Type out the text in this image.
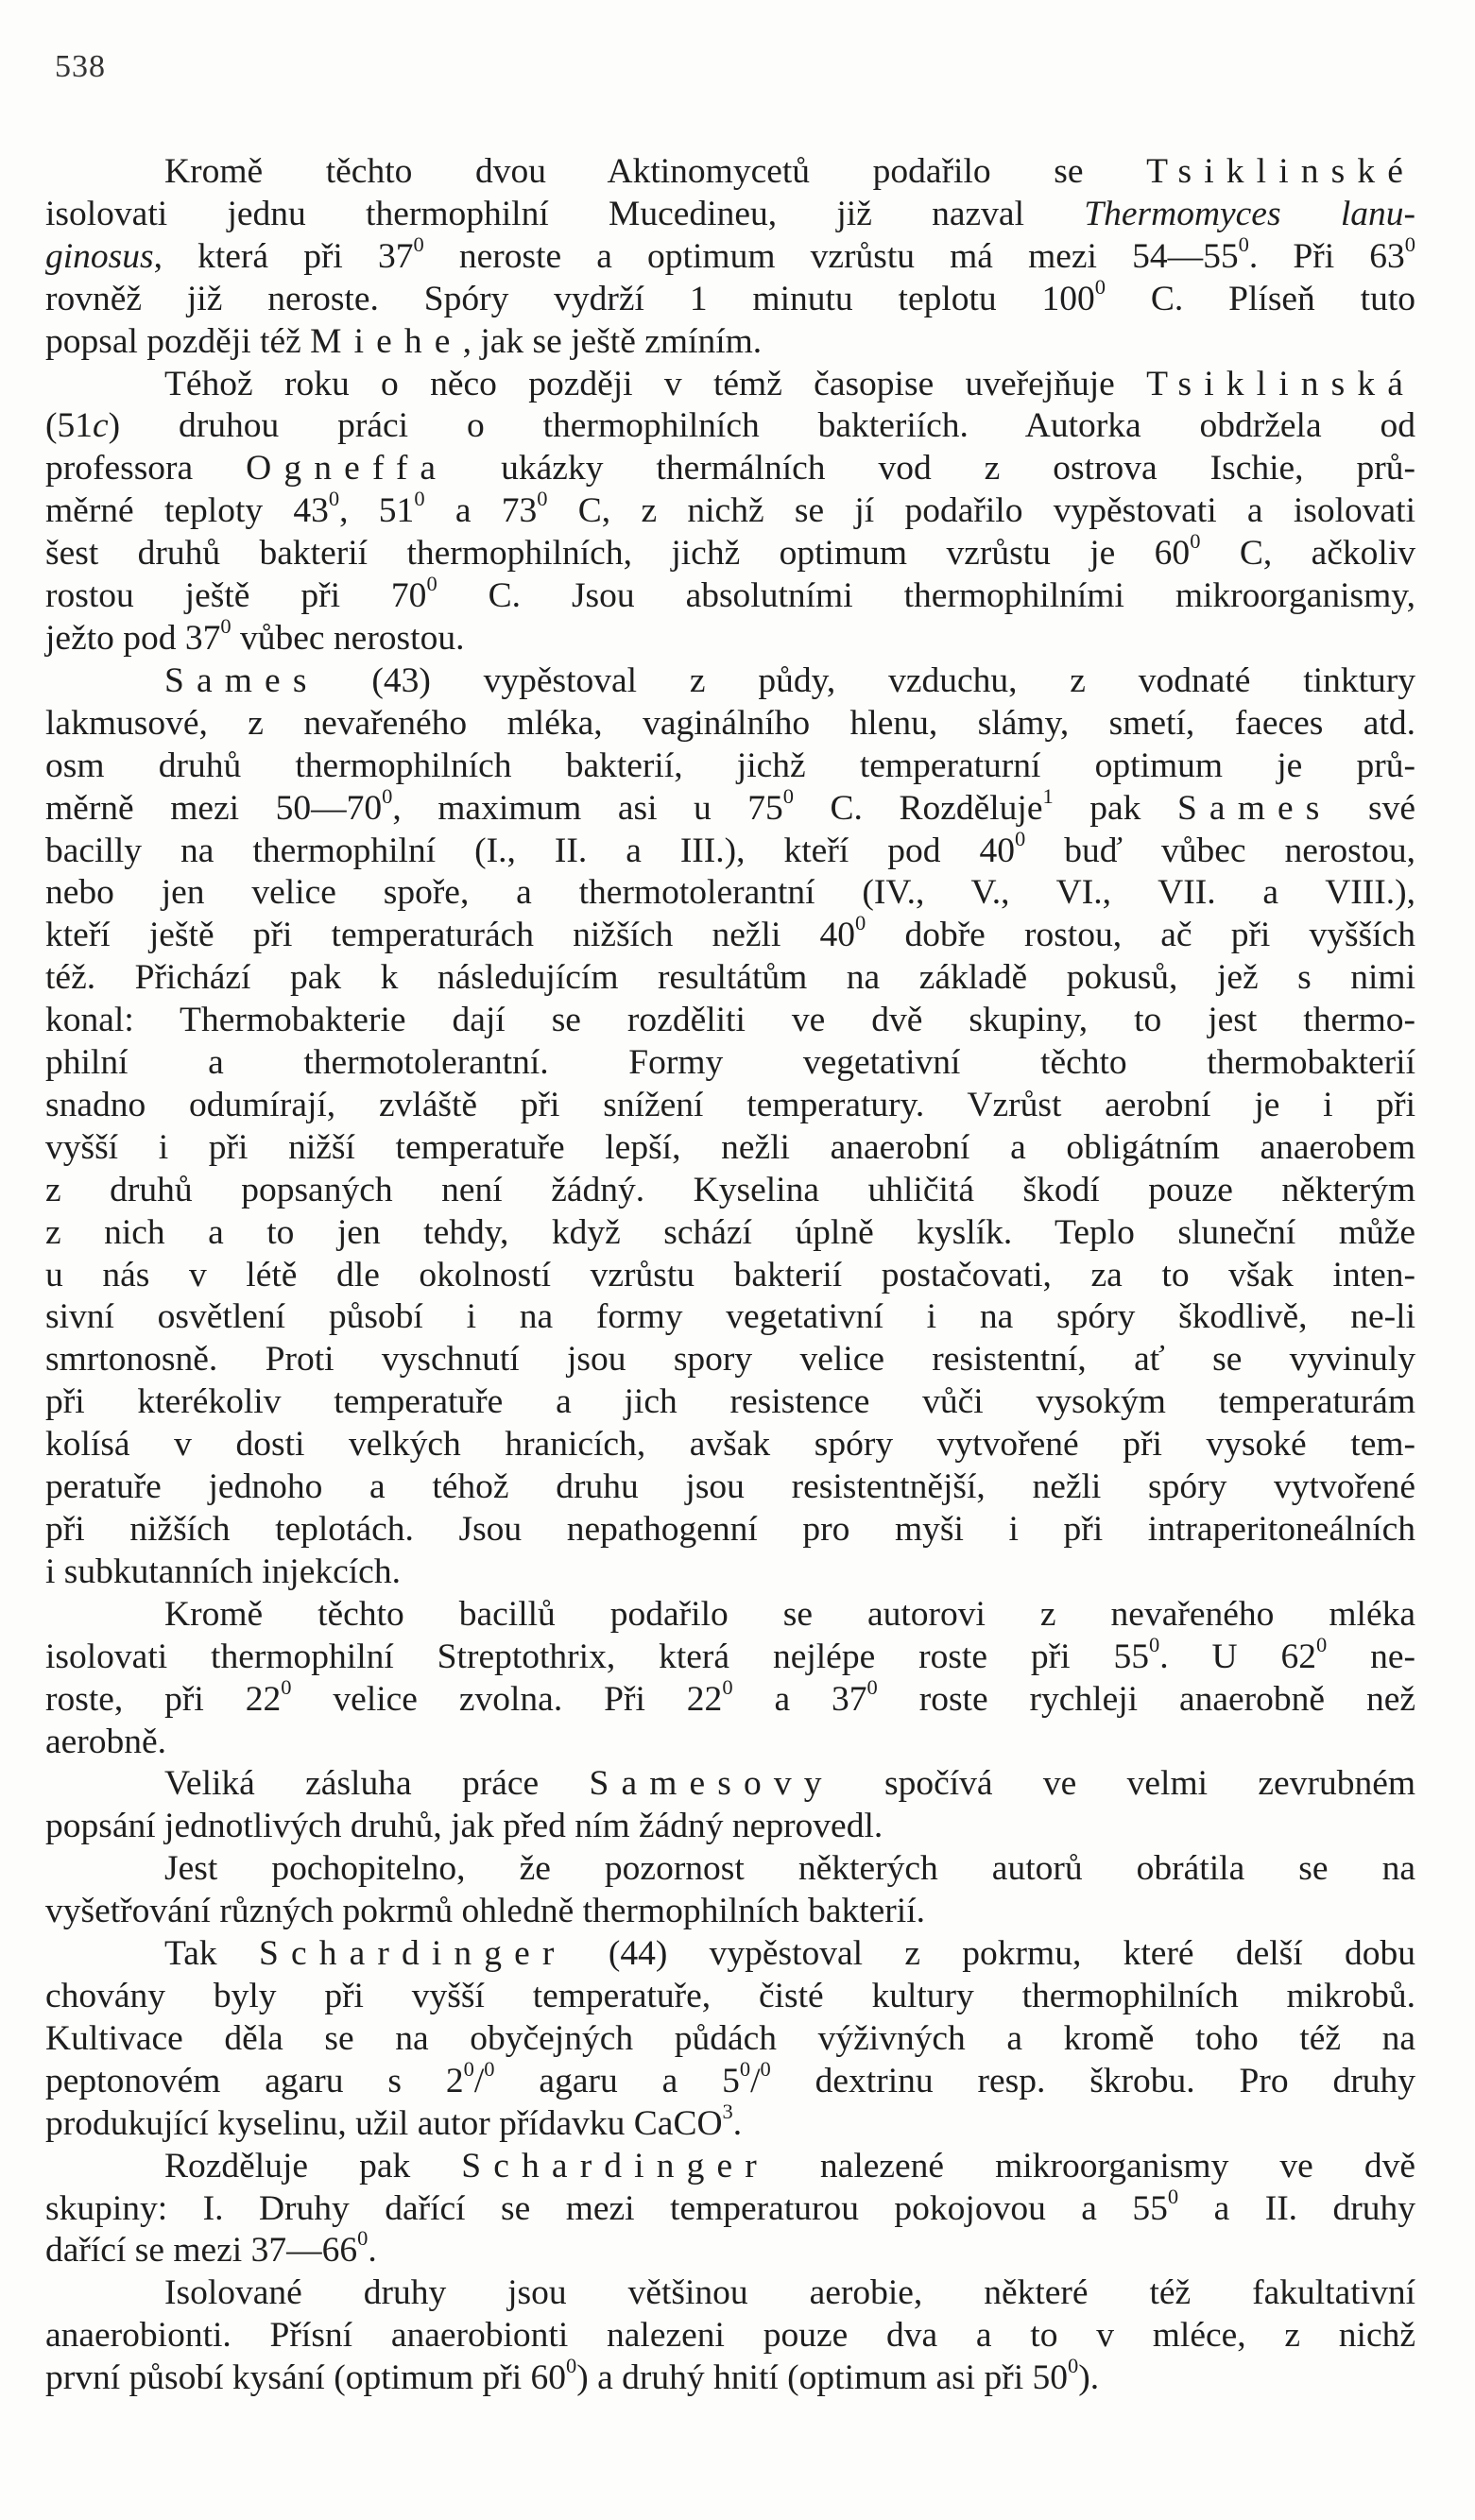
538
Kromě těchto dvou Aktinomycetů podařilo se Tsiklinské
isolovati jednu thermophilní Mucedineu, již nazval Thermomyces lanu-
ginosus, která při $37^0$ neroste a optimum vzrůstu má mezi $54—55^0$. Při $63^0$
rovněž již neroste. Spóry vydrží 1 minutu teplotu $100^0$ C. Plíseň tuto
popsal později též Miehe, jak se ještě zmíním.
Téhož roku o něco později v témž časopise uveřejňuje Tsiklinská
(51c) druhou práci o thermophilních bakteriích. Autorka obdržela od
professora Ogneffa ukázky thermálních vod z ostrova Ischie, prů-
měrné teploty $43^0$, $51^0$ a $73^0$ C, z nichž se jí podařilo vypěstovati a isolovati
šest druhů bakterií thermophilních, jichž optimum vzrůstu je $60^0$ C, ačkoliv
rostou ještě při $70^0$ C. Jsou absolutními thermophilními mikroorganismy,
ježto pod $37^0$ vůbec nerostou.
Sames (43) vypěstoval z půdy, vzduchu, z vodnaté tinktury
lakmusové, z nevařeného mléka, vaginálního hlenu, slámy, smetí, faeces atd.
osm druhů thermophilních bakterií, jichž temperaturní optimum je prů-
měrně mezi $50—70^0$, maximum asi u $75^0$ C. Rozděluje$^1$ pak Sames své
bacilly na thermophilní (I., II. a III.), kteří pod $40^0$ buď vůbec nerostou,
nebo jen velice spoře, a thermotolerantní (IV., V., VI., VII. a VIII.),
kteří ještě při temperaturách nižších nežli $40^0$ dobře rostou, ač při vyšších
též. Přichází pak k následujícím resultátům na základě pokusů, jež s nimi
konal: Thermobakterie dají se rozděliti ve dvě skupiny, to jest thermo-
philní a thermotolerantní. Formy vegetativní těchto thermobakterií
snadno odumírají, zvláště při snížení temperatury. Vzrůst aerobní je i při
vyšší i při nižší temperatuře lepší, nežli anaerobní a obligátním anaerobem
z druhů popsaných není žádný. Kyselina uhličitá škodí pouze některým
z nich a to jen tehdy, když schází úplně kyslík. Teplo sluneční může
u nás v létě dle okolností vzrůstu bakterií postačovati, za to však inten-
sivní osvětlení působí i na formy vegetativní i na spóry škodlivě, ne-li
smrtonosně. Proti vyschnutí jsou spory velice resistentní, ať se vyvinuly
při kterékoliv temperatuře a jich resistence vůči vysokým temperaturám
kolísá v dosti velkých hranicích, avšak spóry vytvořené při vysoké tem-
peratuře jednoho a téhož druhu jsou resistentnější, nežli spóry vytvořené
při nižších teplotách. Jsou nepathogenní pro myši i při intraperitoneálních
i subkutanních injekcích.
Kromě těchto bacillů podařilo se autorovi z nevařeného mléka
isolovati thermophilní Streptothrix, která nejlépe roste při $55^0$. U $62^0$ ne-
roste, při $22^0$ velice zvolna. Při $22^0$ a $37^0$ roste rychleji anaerobně než
aerobně.
Veliká zásluha práce Samesovy spočívá ve velmi zevrubném
popsání jednotlivých druhů, jak před ním žádný neprovedl.
Jest pochopitelno, že pozornost některých autorů obrátila se na
vyšetřování různých pokrmů ohledně thermophilních bakterií.
Tak Schardinger (44) vypěstoval z pokrmu, které delší dobu
chovány byly při vyšší temperatuře, čisté kultury thermophilních mikrobů.
Kultivace děla se na obyčejných půdách výživných a kromě toho též na
peptonovém agaru s $2^0/^0$ agaru a $5^0/^0$ dextrinu resp. škrobu. Pro druhy
produkující kyselinu, užil autor přídavku CaCO$^3$.
Rozděluje pak Schardinger nalezené mikroorganismy ve dvě
skupiny: I. Druhy dařící se mezi temperaturou pokojovou a $55^0$ a II. druhy
dařící se mezi $37—66^0$.
Isolované druhy jsou většinou aerobie, některé též fakultativní
anaerobionti. Přísní anaerobionti nalezeni pouze dva a to v mléce, z nichž
první působí kysání (optimum při $60^0$) a druhý hnití (optimum asi při $50^0$).
